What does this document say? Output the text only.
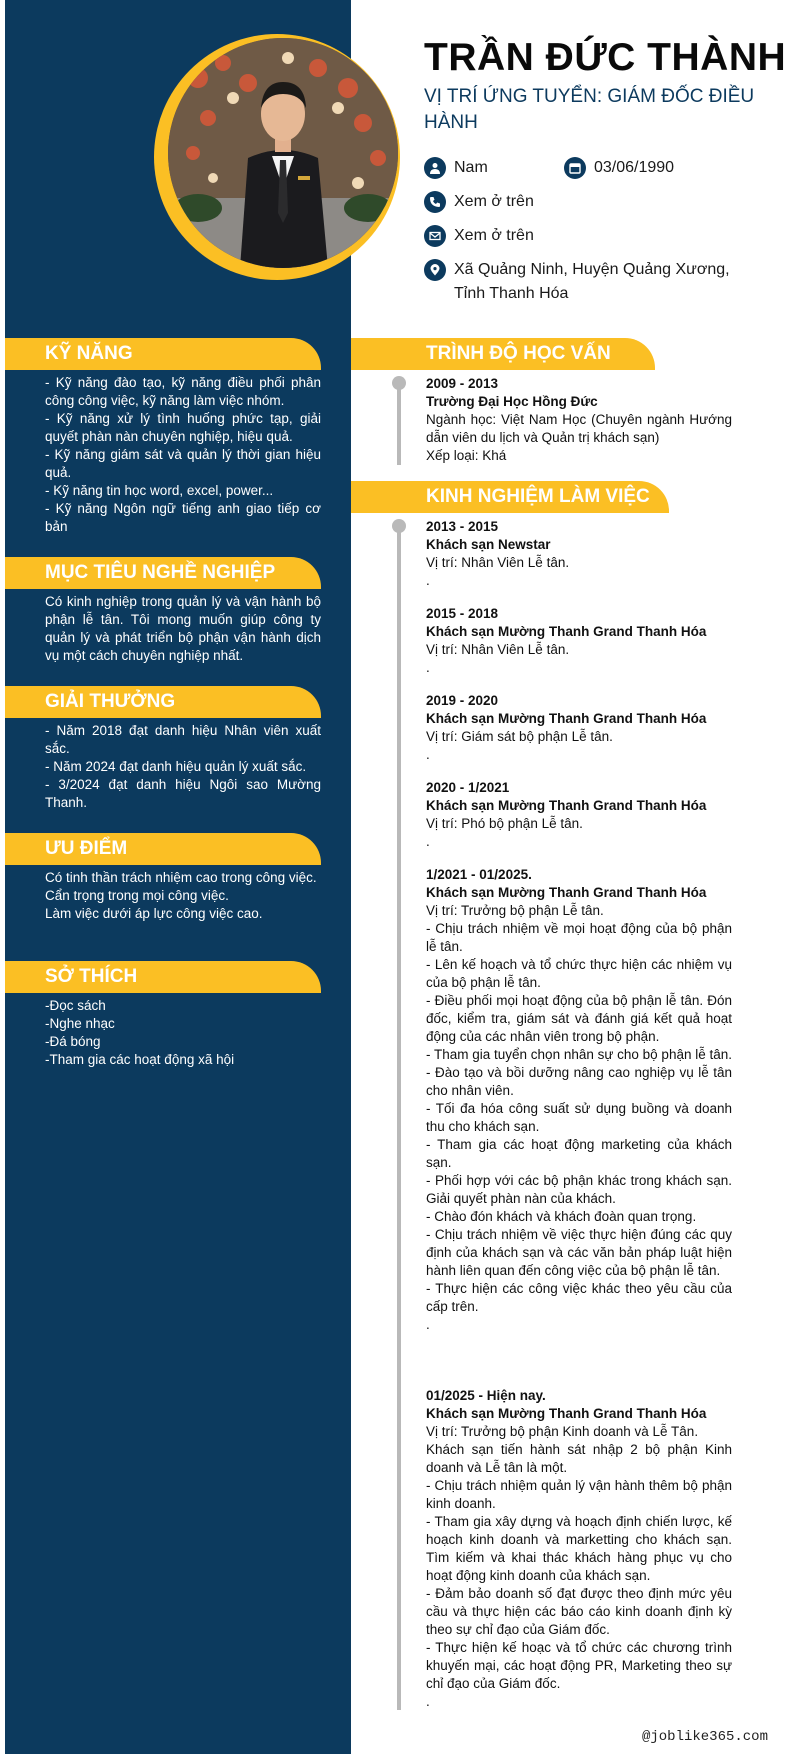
TRẦN ĐỨC THÀNH
VỊ TRÍ ỨNG TUYỂN: GIÁM ĐỐC ĐIỀU HÀNH
Nam	03/06/1990
Xem ở trên
Xem ở trên
Xã Quảng Ninh, Huyện Quảng Xương, Tỉnh Thanh Hóa
KỸ NĂNG
- Kỹ năng đào tạo, kỹ năng điều phối phân công công việc, kỹ năng làm việc nhóm.
- Kỹ năng xử lý tình huống phức tạp, giải quyết phàn nàn chuyên nghiệp, hiệu quả.
- Kỹ năng giám sát và quản lý thời gian hiệu quả.
- Kỹ năng tin học word, excel, power...
- Kỹ năng Ngôn ngữ tiếng anh giao tiếp cơ bản
MỤC TIÊU NGHỀ NGHIỆP
Có kinh nghiệp trong quản lý và vận hành bộ phận lễ tân. Tôi mong muốn giúp công ty quản lý và phát triển bộ phận vận hành dịch vụ một cách chuyên nghiệp nhất.
GIẢI THƯỞNG
- Năm 2018 đạt danh hiệu Nhân viên xuất sắc.
- Năm 2024 đạt danh hiệu quản lý xuất sắc.
- 3/2024 đạt danh hiệu Ngôi sao Mường Thanh.
ƯU ĐIỂM
Có tinh thần trách nhiệm cao trong công việc.
Cẩn trọng trong mọi công việc.
Làm việc dưới áp lực công việc cao.
SỞ THÍCH
-Đọc sách
-Nghe nhạc
-Đá bóng
-Tham gia các hoạt động xã hội
TRÌNH ĐỘ HỌC VẤN
2009 - 2013
Trường Đại Học Hồng Đức
Ngành học: Việt Nam Học (Chuyên ngành Hướng dẫn viên du lịch và Quản trị khách sạn)
Xếp loại: Khá
KINH NGHIỆM LÀM VIỆC
2013 - 2015
Khách sạn Newstar
Vị trí: Nhân Viên Lễ tân.
.
2015 - 2018
Khách sạn Mường Thanh Grand Thanh Hóa
Vị trí: Nhân Viên Lễ tân.
.
2019 - 2020
Khách sạn Mường Thanh Grand Thanh Hóa
Vị trí: Giám sát bộ phận Lễ tân.
.
2020 - 1/2021
Khách sạn Mường Thanh Grand Thanh Hóa
Vị trí: Phó bộ phận Lễ tân.
.
1/2021 - 01/2025.
Khách sạn Mường Thanh Grand Thanh Hóa
Vị trí: Trưởng bộ phận Lễ tân.
- Chịu trách nhiệm về mọi hoạt động của bộ phận lễ tân.
- Lên kế hoạch và tổ chức thực hiện các nhiệm vụ của bộ phận lễ tân.
- Điều phối mọi hoạt động của bộ phận lễ tân. Đón đốc, kiểm tra, giám sát và đánh giá kết quả hoạt động của các nhân viên trong bộ phận.
- Tham gia tuyển chọn nhân sự cho bộ phận lễ tân.
- Đào tạo và bồi dưỡng nâng cao nghiệp vụ lễ tân cho nhân viên.
- Tối đa hóa công suất sử dụng buồng và doanh thu cho khách sạn.
- Tham gia các hoạt động marketing của khách sạn.
- Phối hợp với các bộ phận khác trong khách sạn. Giải quyết phàn nàn của khách.
- Chào đón khách và khách đoàn quan trọng.
- Chịu trách nhiệm về việc thực hiện đúng các quy định của khách sạn và các văn bản pháp luật hiện hành liên quan đến công việc của bộ phận lễ tân.
- Thực hiện các công việc khác theo yêu cầu của cấp trên.
.
01/2025 - Hiện nay.
Khách sạn Mường Thanh Grand Thanh Hóa
Vị trí: Trưởng bộ phận Kinh doanh và Lễ Tân.
Khách sạn tiến hành sát nhập 2 bộ phận Kinh doanh và Lễ tân là một.
- Chịu trách nhiệm quản lý vận hành thêm bộ phận kinh doanh.
- Tham gia xây dựng và hoạch định chiến lược, kế hoạch kinh doanh và marketting cho khách sạn. Tìm kiếm và khai thác khách hàng phục vụ cho hoạt động kinh doanh của khách sạn.
- Đảm bảo doanh số đạt được theo định mức yêu cầu và thực hiện các báo cáo kinh doanh định kỳ theo sự chỉ đạo của Giám đốc.
- Thực hiện kế hoạc và tổ chức các chương trình khuyến mại, các hoạt động PR, Marketing theo sự chỉ đạo của Giám đốc.
.
@joblike365.com
